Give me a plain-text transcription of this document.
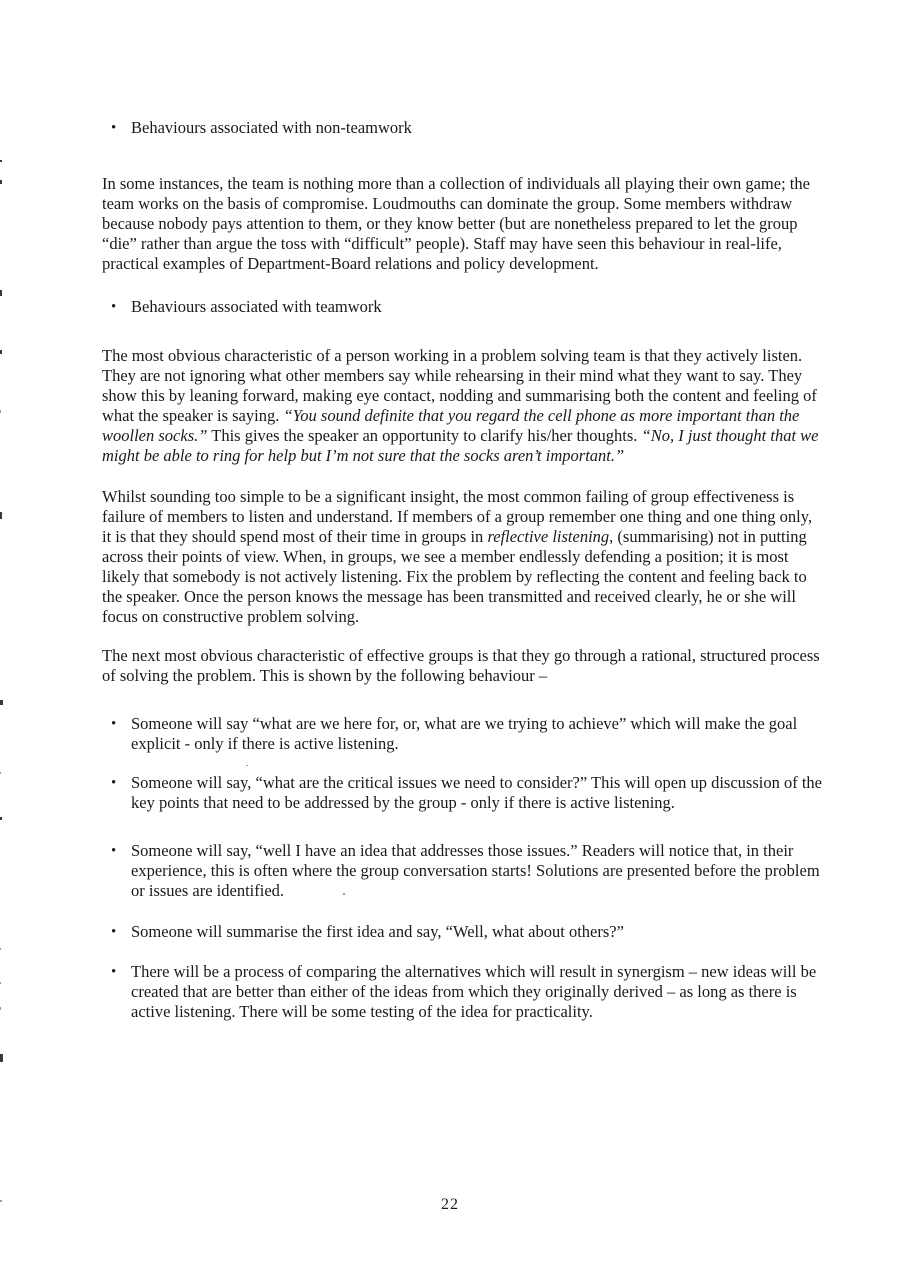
• Behaviours associated with non-teamwork

In some instances, the team is nothing more than a collection of individuals all playing their own game; the team works on the basis of compromise. Loudmouths can dominate the group. Some members withdraw because nobody pays attention to them, or they know better (but are nonetheless prepared to let the group “die” rather than argue the toss with “difficult” people). Staff may have seen this behaviour in real-life, practical examples of Department-Board relations and policy development.

• Behaviours associated with teamwork

The most obvious characteristic of a person working in a problem solving team is that they actively listen. They are not ignoring what other members say while rehearsing in their mind what they want to say. They show this by leaning forward, making eye contact, nodding and summarising both the content and feeling of what the speaker is saying. “You sound definite that you regard the cell phone as more important than the woollen socks.” This gives the speaker an opportunity to clarify his/her thoughts. “No, I just thought that we might be able to ring for help but I’m not sure that the socks aren’t important.”

Whilst sounding too simple to be a significant insight, the most common failing of group effectiveness is failure of members to listen and understand. If members of a group remember one thing and one thing only, it is that they should spend most of their time in groups in reflective listening, (summarising) not in putting across their points of view. When, in groups, we see a member endlessly defending a position; it is most likely that somebody is not actively listening. Fix the problem by reflecting the content and feeling back to the speaker. Once the person knows the message has been transmitted and received clearly, he or she will focus on constructive problem solving.

The next most obvious characteristic of effective groups is that they go through a rational, structured process of solving the problem. This is shown by the following behaviour –

• Someone will say “what are we here for, or, what are we trying to achieve” which will make the goal explicit - only if there is active listening.
• Someone will say, “what are the critical issues we need to consider?” This will open up discussion of the key points that need to be addressed by the group - only if there is active listening.
• Someone will say, “well I have an idea that addresses those issues.” Readers will notice that, in their experience, this is often where the group conversation starts! Solutions are presented before the problem or issues are identified.
• Someone will summarise the first idea and say, “Well, what about others?”
• There will be a process of comparing the alternatives which will result in synergism – new ideas will be created that are better than either of the ideas from which they originally derived – as long as there is active listening. There will be some testing of the idea for practicality.
22
